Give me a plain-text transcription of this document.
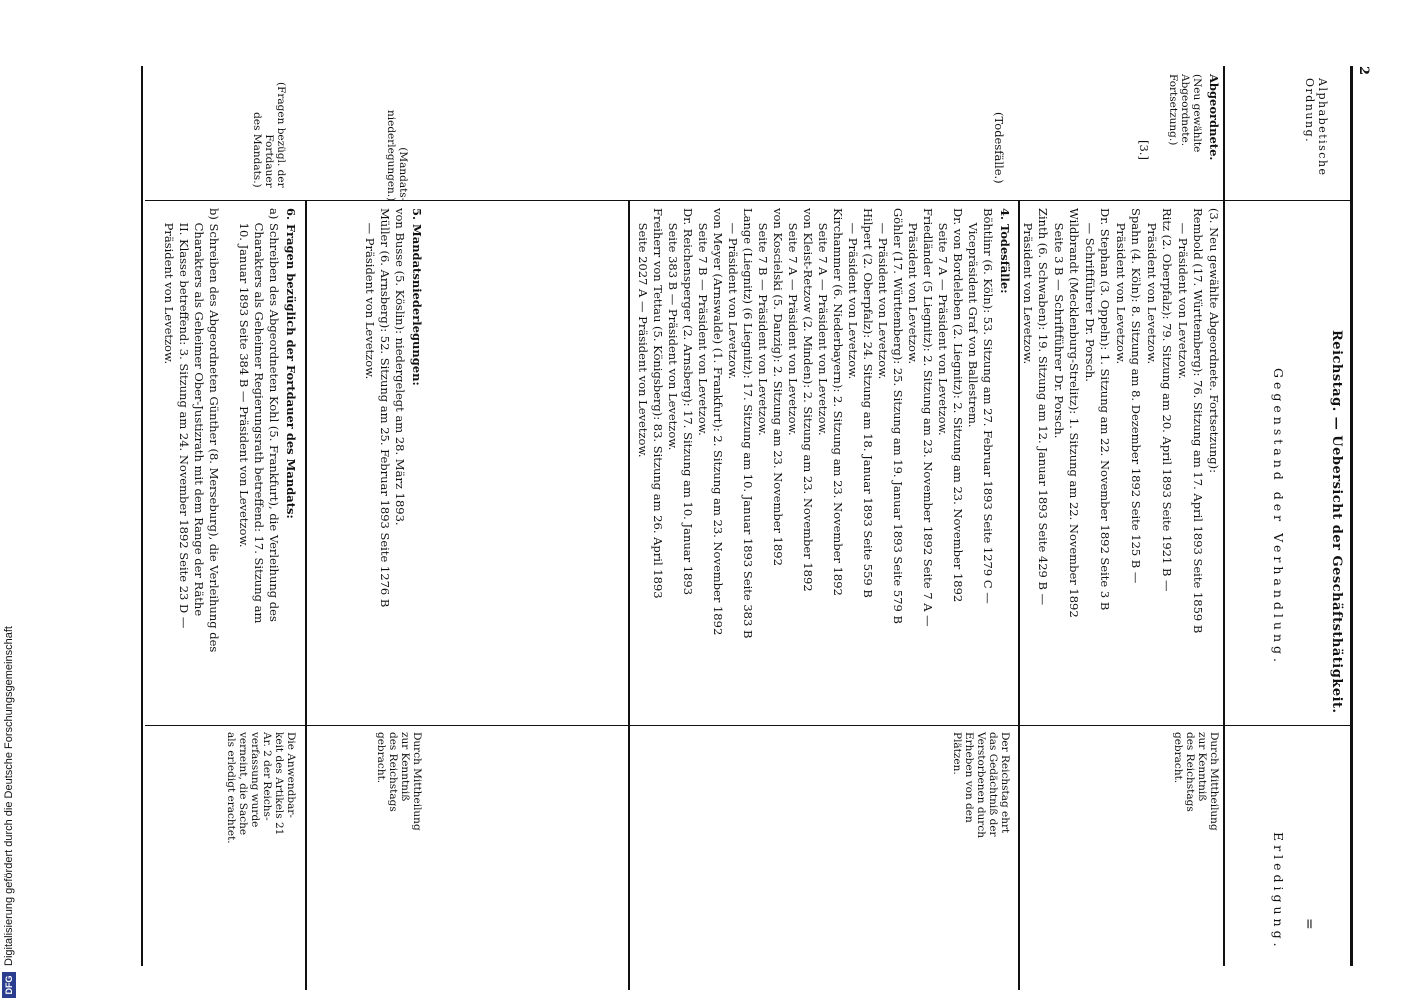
2
Reichstag. — Uebersicht der Geschäftsthätigkeit.
Alphabetische Ordnung.
Gegenstand der Verhandlung.
Erledigung. =
Abgeordnete.
(Neu gewählte Abgeordnete. Fortsetzung.)
[3.]
(Todesfälle.)
(Mandats-
niederlegungen.)
(Fragen bezügl. der
Fortdauer
des Mandats.)
(3. Neu gewählte Abgeordnete. Fortsetzung):
Rembold (17. Württemberg): 76. Sitzung am 17. April 1893 Seite 1859 B
— Präsident von Levetzow.
Ritz (2. Oberpfalz): 79. Sitzung am 20. April 1893 Seite 1921 B —
Präsident von Levetzow.
Spahn (4. Köln): 8. Sitzung am 8. Dezember 1892 Seite 125 B —
Präsident von Levetzow.
Dr. Stephan (3. Oppeln): 1. Sitzung am 22. November 1892 Seite 3 B
— Schriftführer Dr. Porsch.
Wildbrandt (Mecklenburg-Strelitz): 1. Sitzung am 22. November 1892
Seite 3 B — Schriftführer Dr. Porsch.
Zinth (6. Schwaben): 19. Sitzung am 12. Januar 1893 Seite 429 B —
Präsident von Levetzow.
Durch Mittheilung
zur Kenntniß
des Reichstags
gebracht.
4. Todesfälle:
Böhtlinr (6. Köln): 53. Sitzung am 27. Februar 1893 Seite 1279 C —
Vicepräsident Graf von Ballestrem.
Dr. von Bordeleben (2. Liegnitz): 2. Sitzung am 23. November 1892
Seite 7 A — Präsident von Levetzow.
Friedländer (5 Liegnitz): 2. Sitzung am 23. November 1892 Seite 7 A —
Präsident von Levetzow.
Göhler (17. Württemberg): 25. Sitzung am 19. Januar 1893 Seite 579 B
— Präsident von Levetzow.
Hilpert (2. Oberpfalz): 24. Sitzung am 18. Januar 1893 Seite 559 B
— Präsident von Levetzow.
Kirchammer (6. Niederbayern): 2. Sitzung am 23. November 1892
Seite 7 A — Präsident von Levetzow.
von Kleist-Retzow (2. Minden): 2. Sitzung am 23. November 1892
Seite 7 A — Präsident von Levetzow.
von Koscielski (5. Danzig): 2. Sitzung am 23. November 1892
Seite 7 B — Präsident von Levetzow.
Lange (Liegnitz) (6 Liegnitz): 17. Sitzung am 10. Januar 1893 Seite 383 B
— Präsident von Levetzow.
von Meyer (Arnswalde) (1. Frankfurt): 2. Sitzung am 23. November 1892
Seite 7 B — Präsident von Levetzow.
Dr. Reichensperger (2. Arnsberg): 17. Sitzung am 10. Januar 1893
Seite 383 B — Präsident von Levetzow.
Freiherr von Tettau (5. Königsberg): 83. Sitzung am 26. April 1893
Seite 2027 A — Präsident von Levetzow.
Der Reichstag ehrt
das Gedächtniß der
Verstorbenen durch
Erheben von den
Plätzen.
5. Mandatsniederlegungen:
von Busse (5. Köslin): niedergelegt am 28. März 1893.
Müller (6. Arnsberg): 52. Sitzung am 25. Februar 1893 Seite 1276 B
— Präsident von Levetzow.
Durch Mittheilung
zur Kenntniß
des Reichstags
gebracht.
6. Fragen bezüglich der Fortdauer des Mandats:
a) Schreiben des Abgeordneten Kohl (5. Frankfurt), die Verleihung des
Charakters als Geheimer Regierungsrath betreffend: 17. Sitzung am
10. Januar 1893 Seite 384 B — Präsident von Levetzow.
b) Schreiben des Abgeordneten Günther (8. Merseburg), die Verleihung des
Charakters als Geheimer Ober-Justizrath mit dem Range der Räthe
II. Klasse betreffend: 3. Sitzung am 24. November 1892 Seite 23 D —
Präsident von Levetzow.
Die Anwendbar-
keit des Artikels 21
Ar. 2 der Reichs-
verfassung wurde
verneint, die Sache
als erledigt erachtet.
DFG
Digitalisierung gefördert durch die Deutsche Forschungsgemeinschaft
